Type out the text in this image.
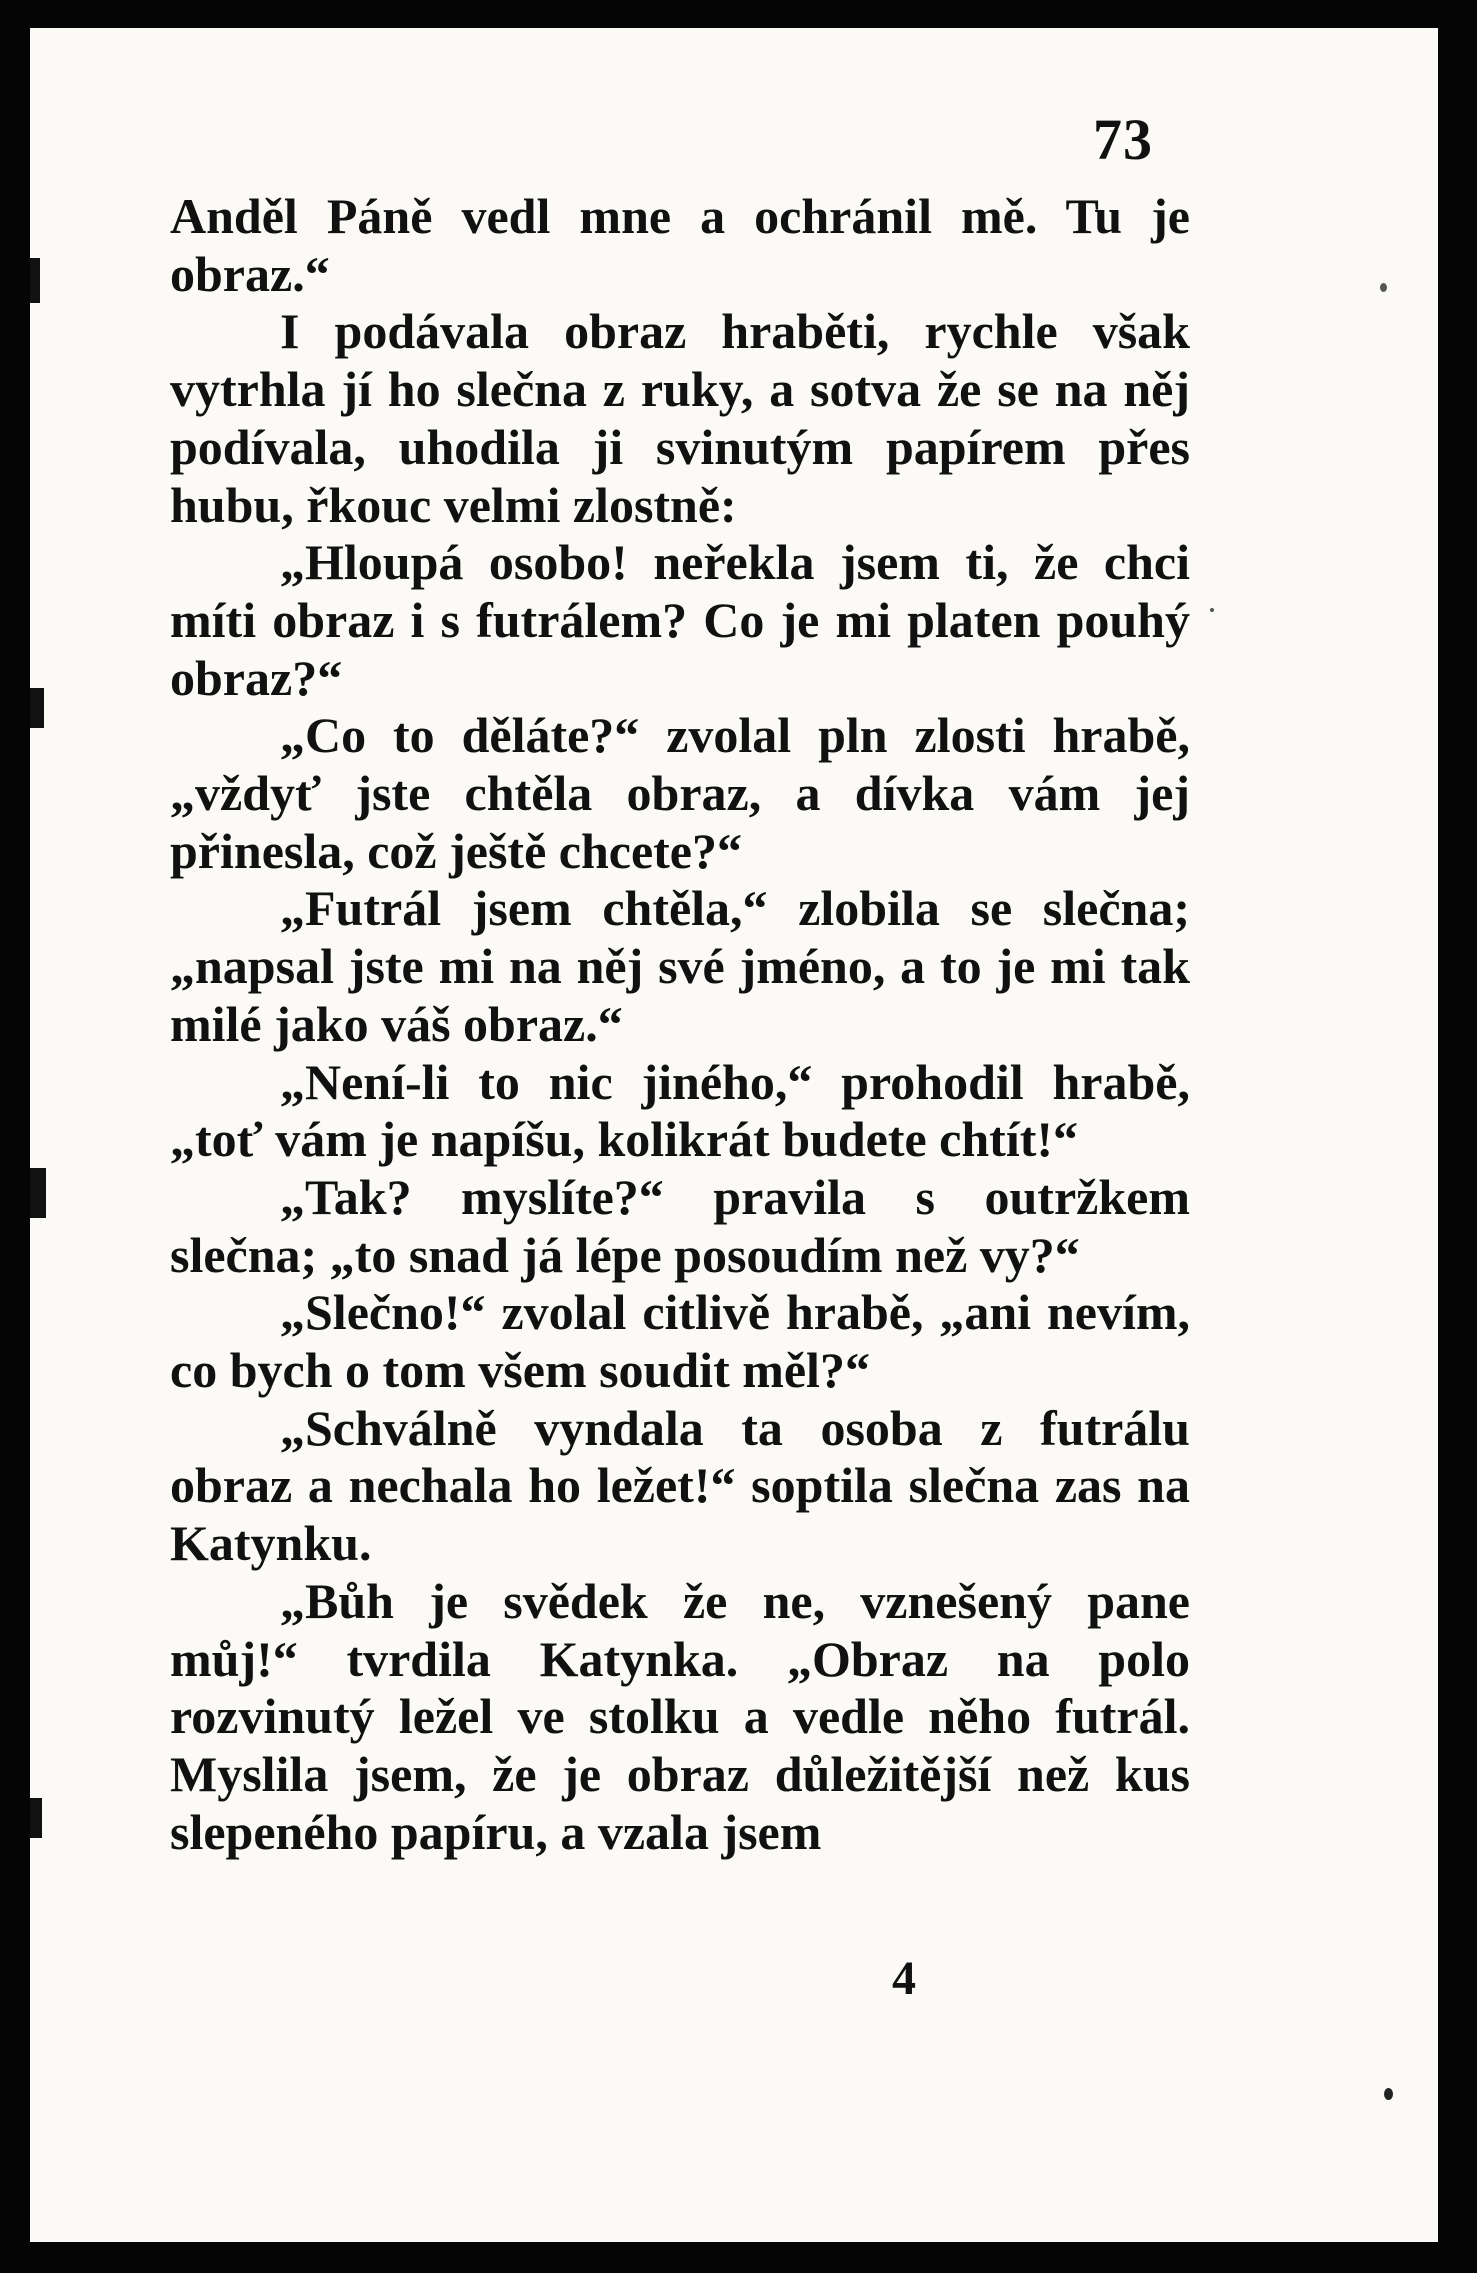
73

Anděl Páně vedl mne a ochránil mě. Tu je obraz.“

I podávala obraz hraběti, rychle však vytrhla jí ho slečna z ruky, a sotva že se na něj podívala, uhodila ji svinutým papírem přes hubu, řkouc velmi zlostně:

„Hloupá osobo! neřekla jsem ti, že chci míti obraz i s futrálem? Co je mi platen pouhý obraz?“

„Co to děláte?“ zvolal pln zlosti hrabě, „vždyť jste chtěla obraz, a dívka vám jej přinesla, což ještě chcete?“

„Futrál jsem chtěla,“ zlobila se slečna; „napsal jste mi na něj své jméno, a to je mi tak milé jako váš obraz.“

„Není-li to nic jiného,“ prohodil hrabě, „toť vám je napíšu, kolikrát budete chtít!“

„Tak? myslíte?“ pravila s outržkem slečna; „to snad já lépe posoudím než vy?“

„Slečno!“ zvolal citlivě hrabě, „ani nevím, co bych o tom všem soudit měl?“

„Schválně vyndala ta osoba z futrálu obraz a nechala ho ležet!“ soptila slečna zas na Katynku.

„Bůh je svědek že ne, vznešený pane můj!“ tvrdila Katynka. „Obraz na polo rozvinutý ležel ve stolku a vedle něho futrál. Myslila jsem, že je obraz důležitější než kus slepeného papíru, a vzala jsem

4
